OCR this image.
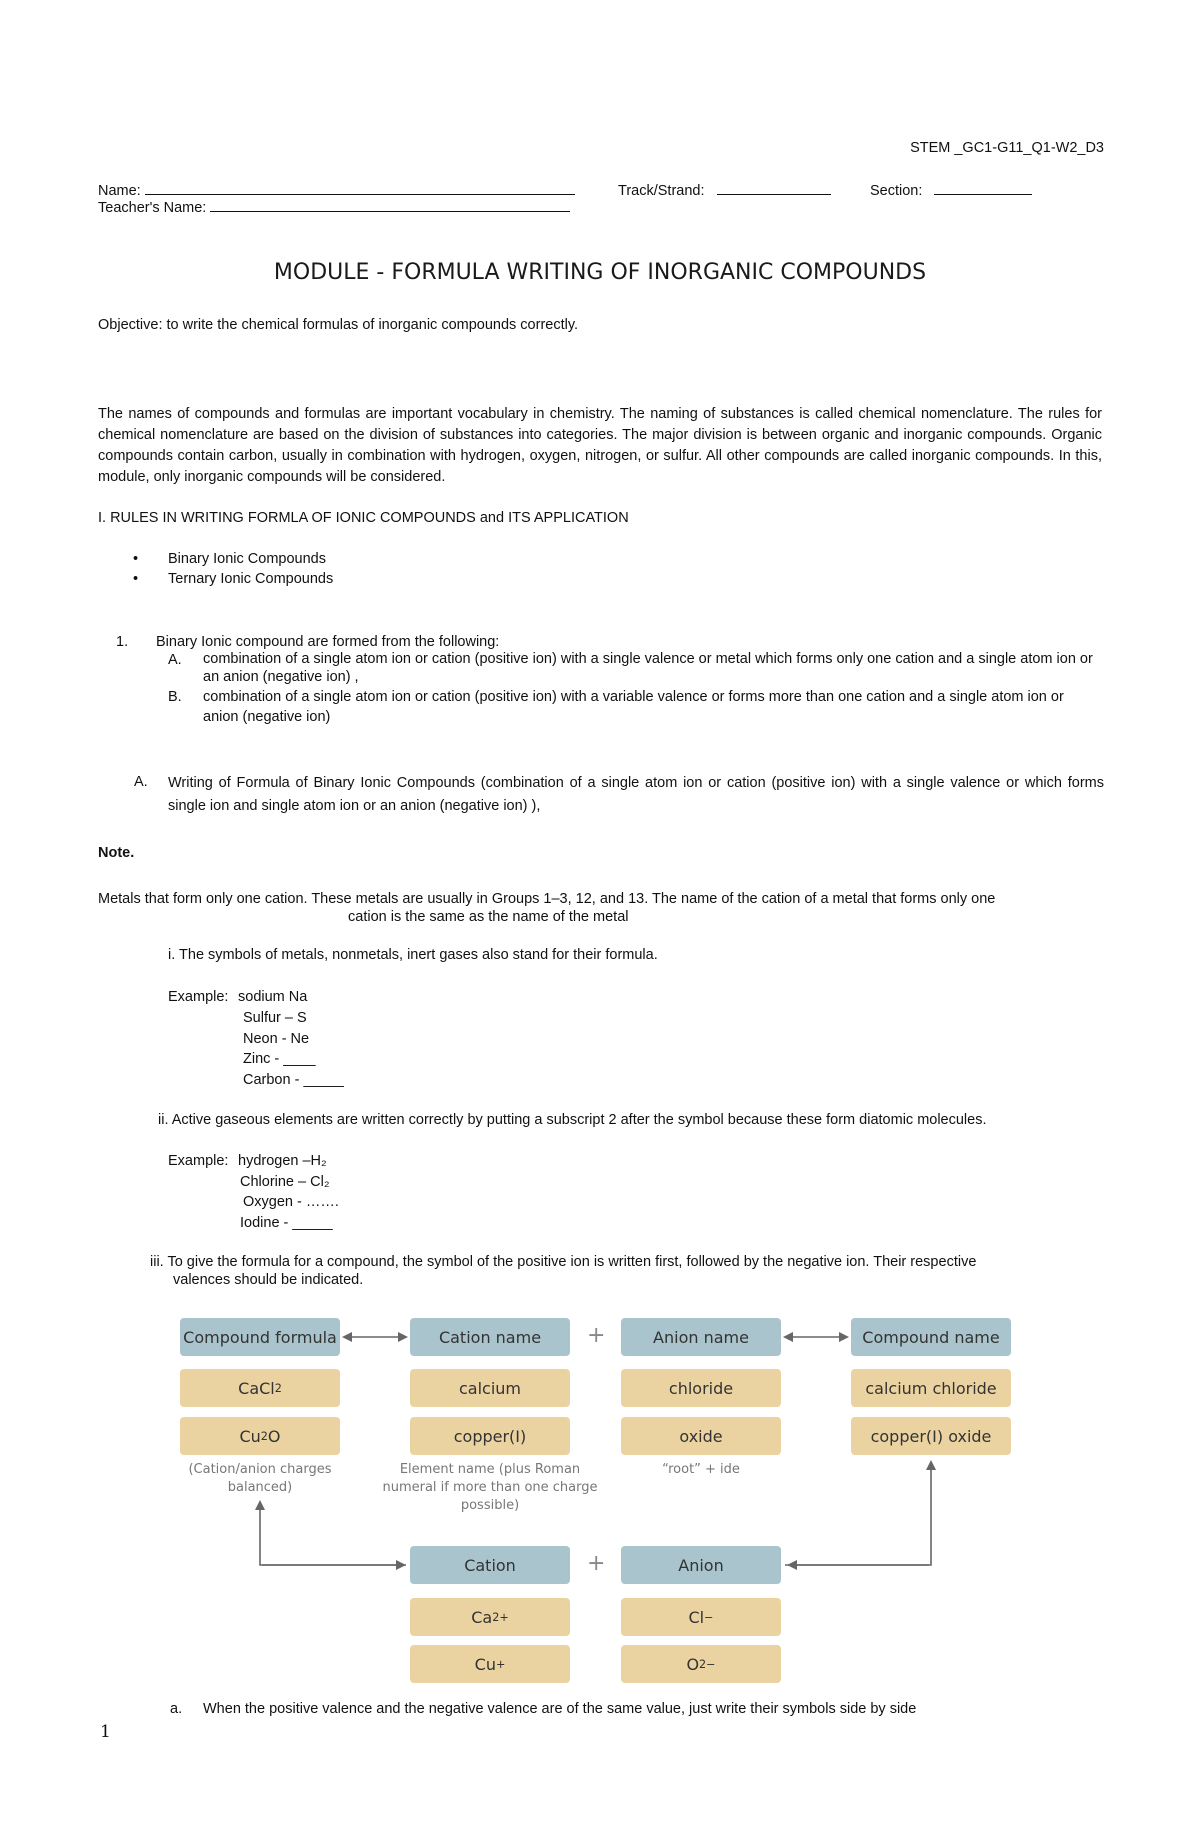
STEM _GC1-G11_Q1-W2_D3
Name:	Track/Strand:	Section:
Teacher's Name:
MODULE - FORMULA WRITING OF INORGANIC COMPOUNDS
Objective: to write the chemical formulas of inorganic compounds correctly.
The names of compounds and formulas are important vocabulary in chemistry. The naming of substances is called chemical nomenclature. The rules for chemical nomenclature are based on the division of substances into categories. The major division is between organic and inorganic compounds. Organic compounds contain carbon, usually in combination with hydrogen, oxygen, nitrogen, or sulfur. All other compounds are called inorganic compounds. In this, module, only inorganic compounds will be considered.
I. RULES IN WRITING FORMLA OF IONIC COMPOUNDS and ITS APPLICATION
• Binary Ionic Compounds
• Ternary Ionic Compounds
1. Binary Ionic compound are formed from the following:
A. combination of a single atom ion or cation (positive ion) with a single valence or metal which forms only one cation and a single atom ion or an anion (negative ion) ,
B. combination of a single atom ion or cation (positive ion) with a variable valence or forms more than one cation and a single atom ion or anion (negative ion)
A. Writing of Formula of Binary Ionic Compounds (combination of a single atom ion or cation (positive ion) with a single valence or which forms single ion and single atom ion or an anion (negative ion) ),
Note.
Metals that form only one cation. These metals are usually in Groups 1–3, 12, and 13. The name of the cation of a metal that forms only one
cation is the same as the name of the metal
i. The symbols of metals, nonmetals, inert gases also stand for their formula.
Example: sodium Na
Sulfur – S
Neon - Ne
Zinc - ____
Carbon - _____
ii. Active gaseous elements are written correctly by putting a subscript 2 after the symbol because these form diatomic molecules.
Example: hydrogen –H₂
Chlorine – Cl₂
Oxygen - …….
Iodine - _____
iii. To give the formula for a compound, the symbol of the positive ion is written first, followed by the negative ion. Their respective
valences should be indicated.
Compound formula	Cation name	Anion name	Compound name
+
CaCl 2	calcium	chloride	calcium chloride
Cu 2 O	copper(I)	oxide	copper(I) oxide
(Cation/anion charges balanced)
Element name (plus Roman numeral if more than one charge possible)
“root” + ide
Cation	Anion
+
Ca 2+	Cl −
Cu +	O 2−
a. When the positive valence and the negative valence are of the same value, just write their symbols side by side
1
